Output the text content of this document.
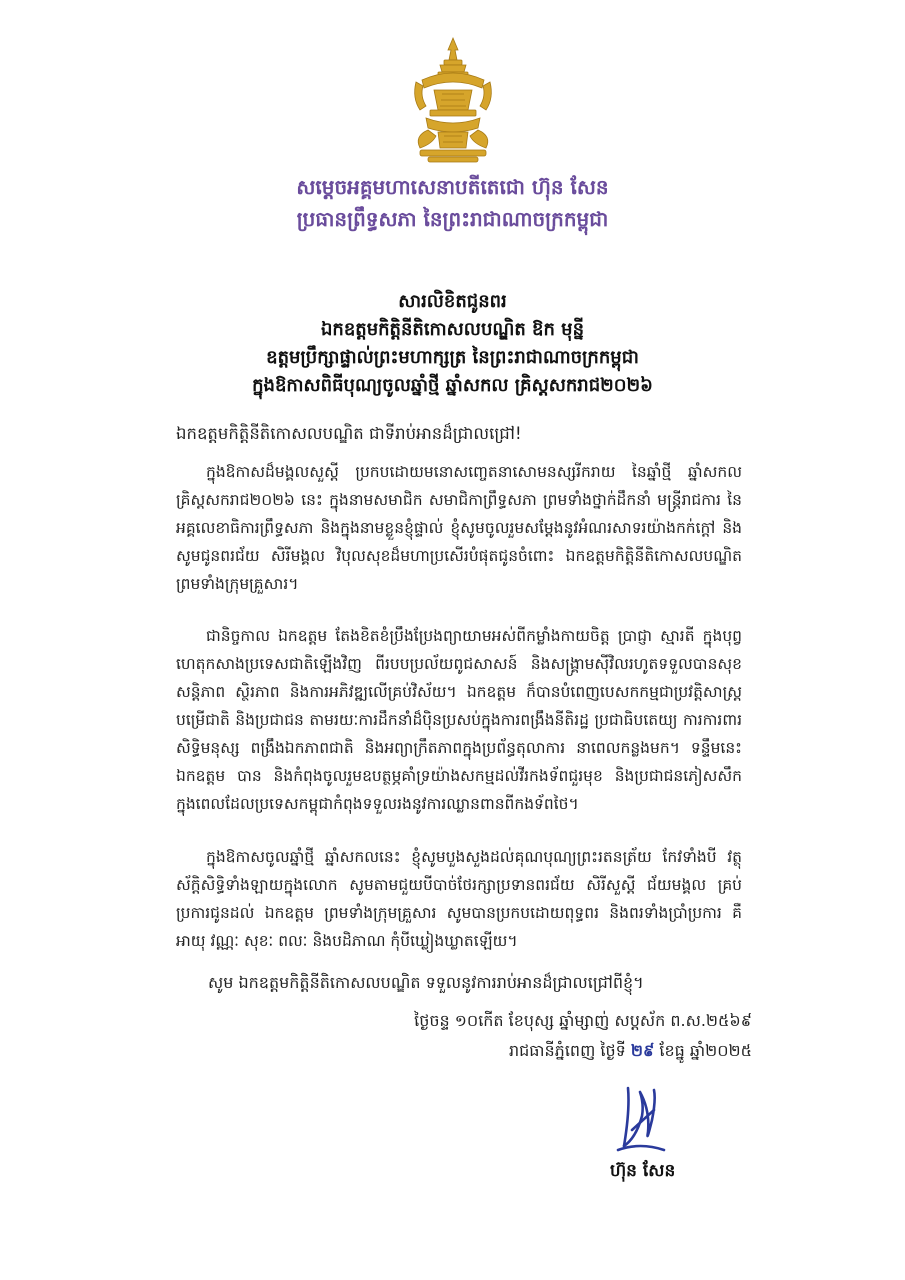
សម្ដេចអគ្គមហាសេនាបតីតេជោ ហ៊ុន សែន
ប្រធានព្រឹទ្ធសភា នៃព្រះរាជាណាចក្រកម្ពុជា
សារលិខិតជូនពរ
ឯកឧត្តមកិត្តិនីតិកោសលបណ្ឌិត ឱក មុន្នី
ឧត្តមប្រឹក្សាផ្ទាល់ព្រះមហាក្សត្រ នៃព្រះរាជាណាចក្រកម្ពុជា
ក្នុងឱកាសពិធីបុណ្យចូលឆ្នាំថ្មី ឆ្នាំសកល គ្រិស្តសករាជ២០២៦
ឯកឧត្តមកិត្តិនីតិកោសលបណ្ឌិត ជាទីរាប់អានដ៏ជ្រាលជ្រៅ!
ក្នុងឱកាសដ៏មង្គលសួស្ដី ប្រកបដោយមនោសញ្ចេតនាសោមនស្សរីករាយ នៃឆ្នាំថ្មី ឆ្នាំសកល គ្រិស្តសករាជ២០២៦ នេះ ក្នុងនាមសមាជិក សមាជិកាព្រឹទ្ធសភា ព្រមទាំងថ្នាក់ដឹកនាំ មន្ត្រីរាជការ នៃអគ្គលេខាធិការព្រឹទ្ធសភា និងក្នុងនាមខ្លួនខ្ញុំផ្ទាល់ ខ្ញុំសូមចូលរួមសម្ដែងនូវអំណរសាទរយ៉ាងកក់ក្ដៅ និងសូមជូនពរជ័យ សិរីមង្គល វិបុលសុខដ៏មហាប្រសើរបំផុតជូនចំពោះ ឯកឧត្តមកិត្តិនីតិកោសលបណ្ឌិត ព្រមទាំងក្រុមគ្រួសារ។
ជានិច្ចកាល ឯកឧត្តម តែងខិតខំប្រឹងប្រែងព្យាយាមអស់ពីកម្លាំងកាយចិត្ត ប្រាជ្ញា ស្មារតី ក្នុងបុព្វហេតុកសាងប្រទេសជាតិឡើងវិញ ពីរបបប្រល័យពូជសាសន៍ និងសង្គ្រាមស៊ីវិលរហូតទទួលបានសុខសន្តិភាព ស្ថិរភាព និងការអភិវឌ្ឍលើគ្រប់វិស័យ។ ឯកឧត្តម ក៏បានបំពេញបេសកកម្មជាប្រវត្តិសាស្ត្របម្រើជាតិ និងប្រជាជន តាមរយៈការដឹកនាំដ៏ប៉ិនប្រសប់ក្នុងការពង្រឹងនីតិរដ្ឋ ប្រជាធិបតេយ្យ ការការពារសិទ្ធិមនុស្ស ពង្រឹងឯកភាពជាតិ និងអព្យាក្រឹតភាពក្នុងប្រព័ន្ធតុលាការ នាពេលកន្លងមក។ ទន្ទឹមនេះ ឯកឧត្តម បាន និងកំពុងចូលរួមឧបត្ថម្ភគាំទ្រយ៉ាងសកម្មដល់វីរកងទ័ពជួរមុខ និងប្រជាជនភៀសសឹក ក្នុងពេលដែលប្រទេសកម្ពុជាកំពុងទទួលរងនូវការឈ្លានពានពីកងទ័ពថៃ។
ក្នុងឱកាសចូលឆ្នាំថ្មី ឆ្នាំសកលនេះ ខ្ញុំសូមបួងសួងដល់គុណបុណ្យព្រះរតនត្រ័យ កែវទាំងបី វត្ថុស័ក្ដិសិទ្ធិទាំងឡាយក្នុងលោក សូមតាមជួយបីបាច់ថែរក្សាប្រទានពរជ័យ សិរីសួស្ដី ជ័យមង្គល គ្រប់ប្រការជូនដល់ ឯកឧត្តម ព្រមទាំងក្រុមគ្រួសារ សូមបានប្រកបដោយពុទ្ធពរ និងពរទាំងប្រាំប្រការ គឺ អាយុ វណ្ណៈ សុខៈ ពលៈ និងបដិភាណ កុំបីឃ្លៀងឃ្លាតឡើយ។
សូម ឯកឧត្តមកិត្តិនីតិកោសលបណ្ឌិត ទទួលនូវការរាប់អានដ៏ជ្រាលជ្រៅពីខ្ញុំ។
ថ្ងៃចន្ទ ១០កើត ខែបុស្ស ឆ្នាំម្សាញ់ សប្តស័ក ព.ស.២៥៦៩
រាជធានីភ្នំពេញ ថ្ងៃទី ២៩ ខែធ្នូ ឆ្នាំ២០២៥
ហ៊ុន សែន
